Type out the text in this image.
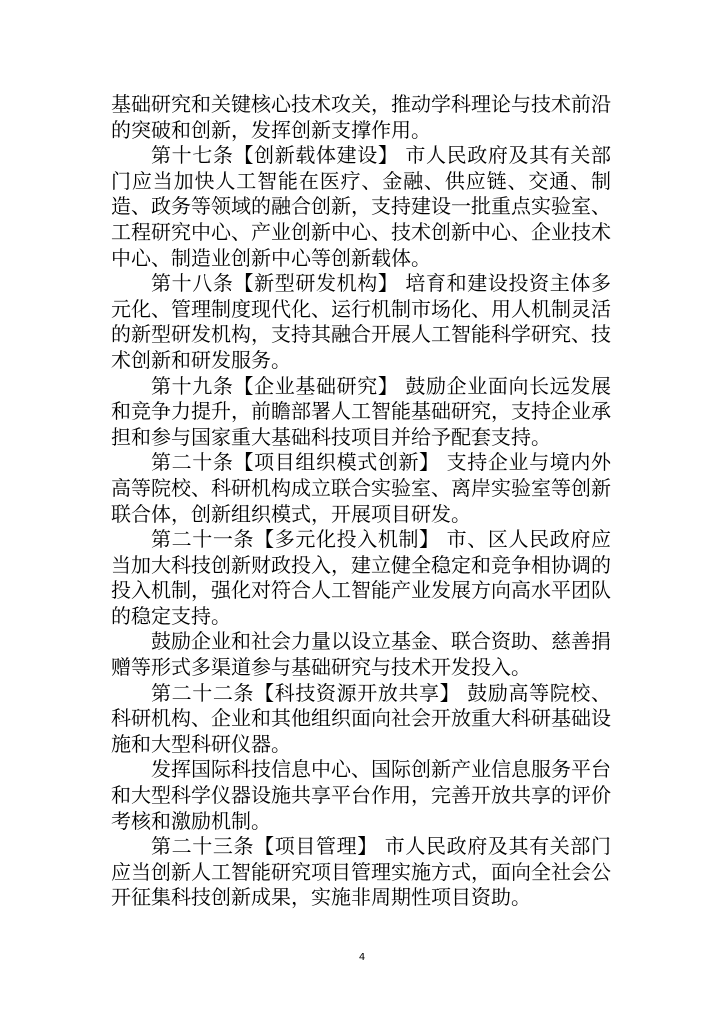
基础研究和关键核心技术攻关，推动学科理论与技术前沿的突破和创新，发挥创新支撑作用。

第十七条【创新载体建设】 市人民政府及其有关部门应当加快人工智能在医疗、金融、供应链、交通、制造、政务等领域的融合创新，支持建设一批重点实验室、工程研究中心、产业创新中心、技术创新中心、企业技术中心、制造业创新中心等创新载体。

第十八条【新型研发机构】 培育和建设投资主体多元化、管理制度现代化、运行机制市场化、用人机制灵活的新型研发机构，支持其融合开展人工智能科学研究、技术创新和研发服务。

第十九条【企业基础研究】 鼓励企业面向长远发展和竞争力提升，前瞻部署人工智能基础研究，支持企业承担和参与国家重大基础科技项目并给予配套支持。

第二十条【项目组织模式创新】 支持企业与境内外高等院校、科研机构成立联合实验室、离岸实验室等创新联合体，创新组织模式，开展项目研发。

第二十一条【多元化投入机制】 市、区人民政府应当加大科技创新财政投入，建立健全稳定和竞争相协调的投入机制，强化对符合人工智能产业发展方向高水平团队的稳定支持。

鼓励企业和社会力量以设立基金、联合资助、慈善捐赠等形式多渠道参与基础研究与技术开发投入。

第二十二条【科技资源开放共享】 鼓励高等院校、科研机构、企业和其他组织面向社会开放重大科研基础设施和大型科研仪器。

发挥国际科技信息中心、国际创新产业信息服务平台和大型科学仪器设施共享平台作用，完善开放共享的评价考核和激励机制。

第二十三条【项目管理】 市人民政府及其有关部门应当创新人工智能研究项目管理实施方式，面向全社会公开征集科技创新成果，实施非周期性项目资助。

4
